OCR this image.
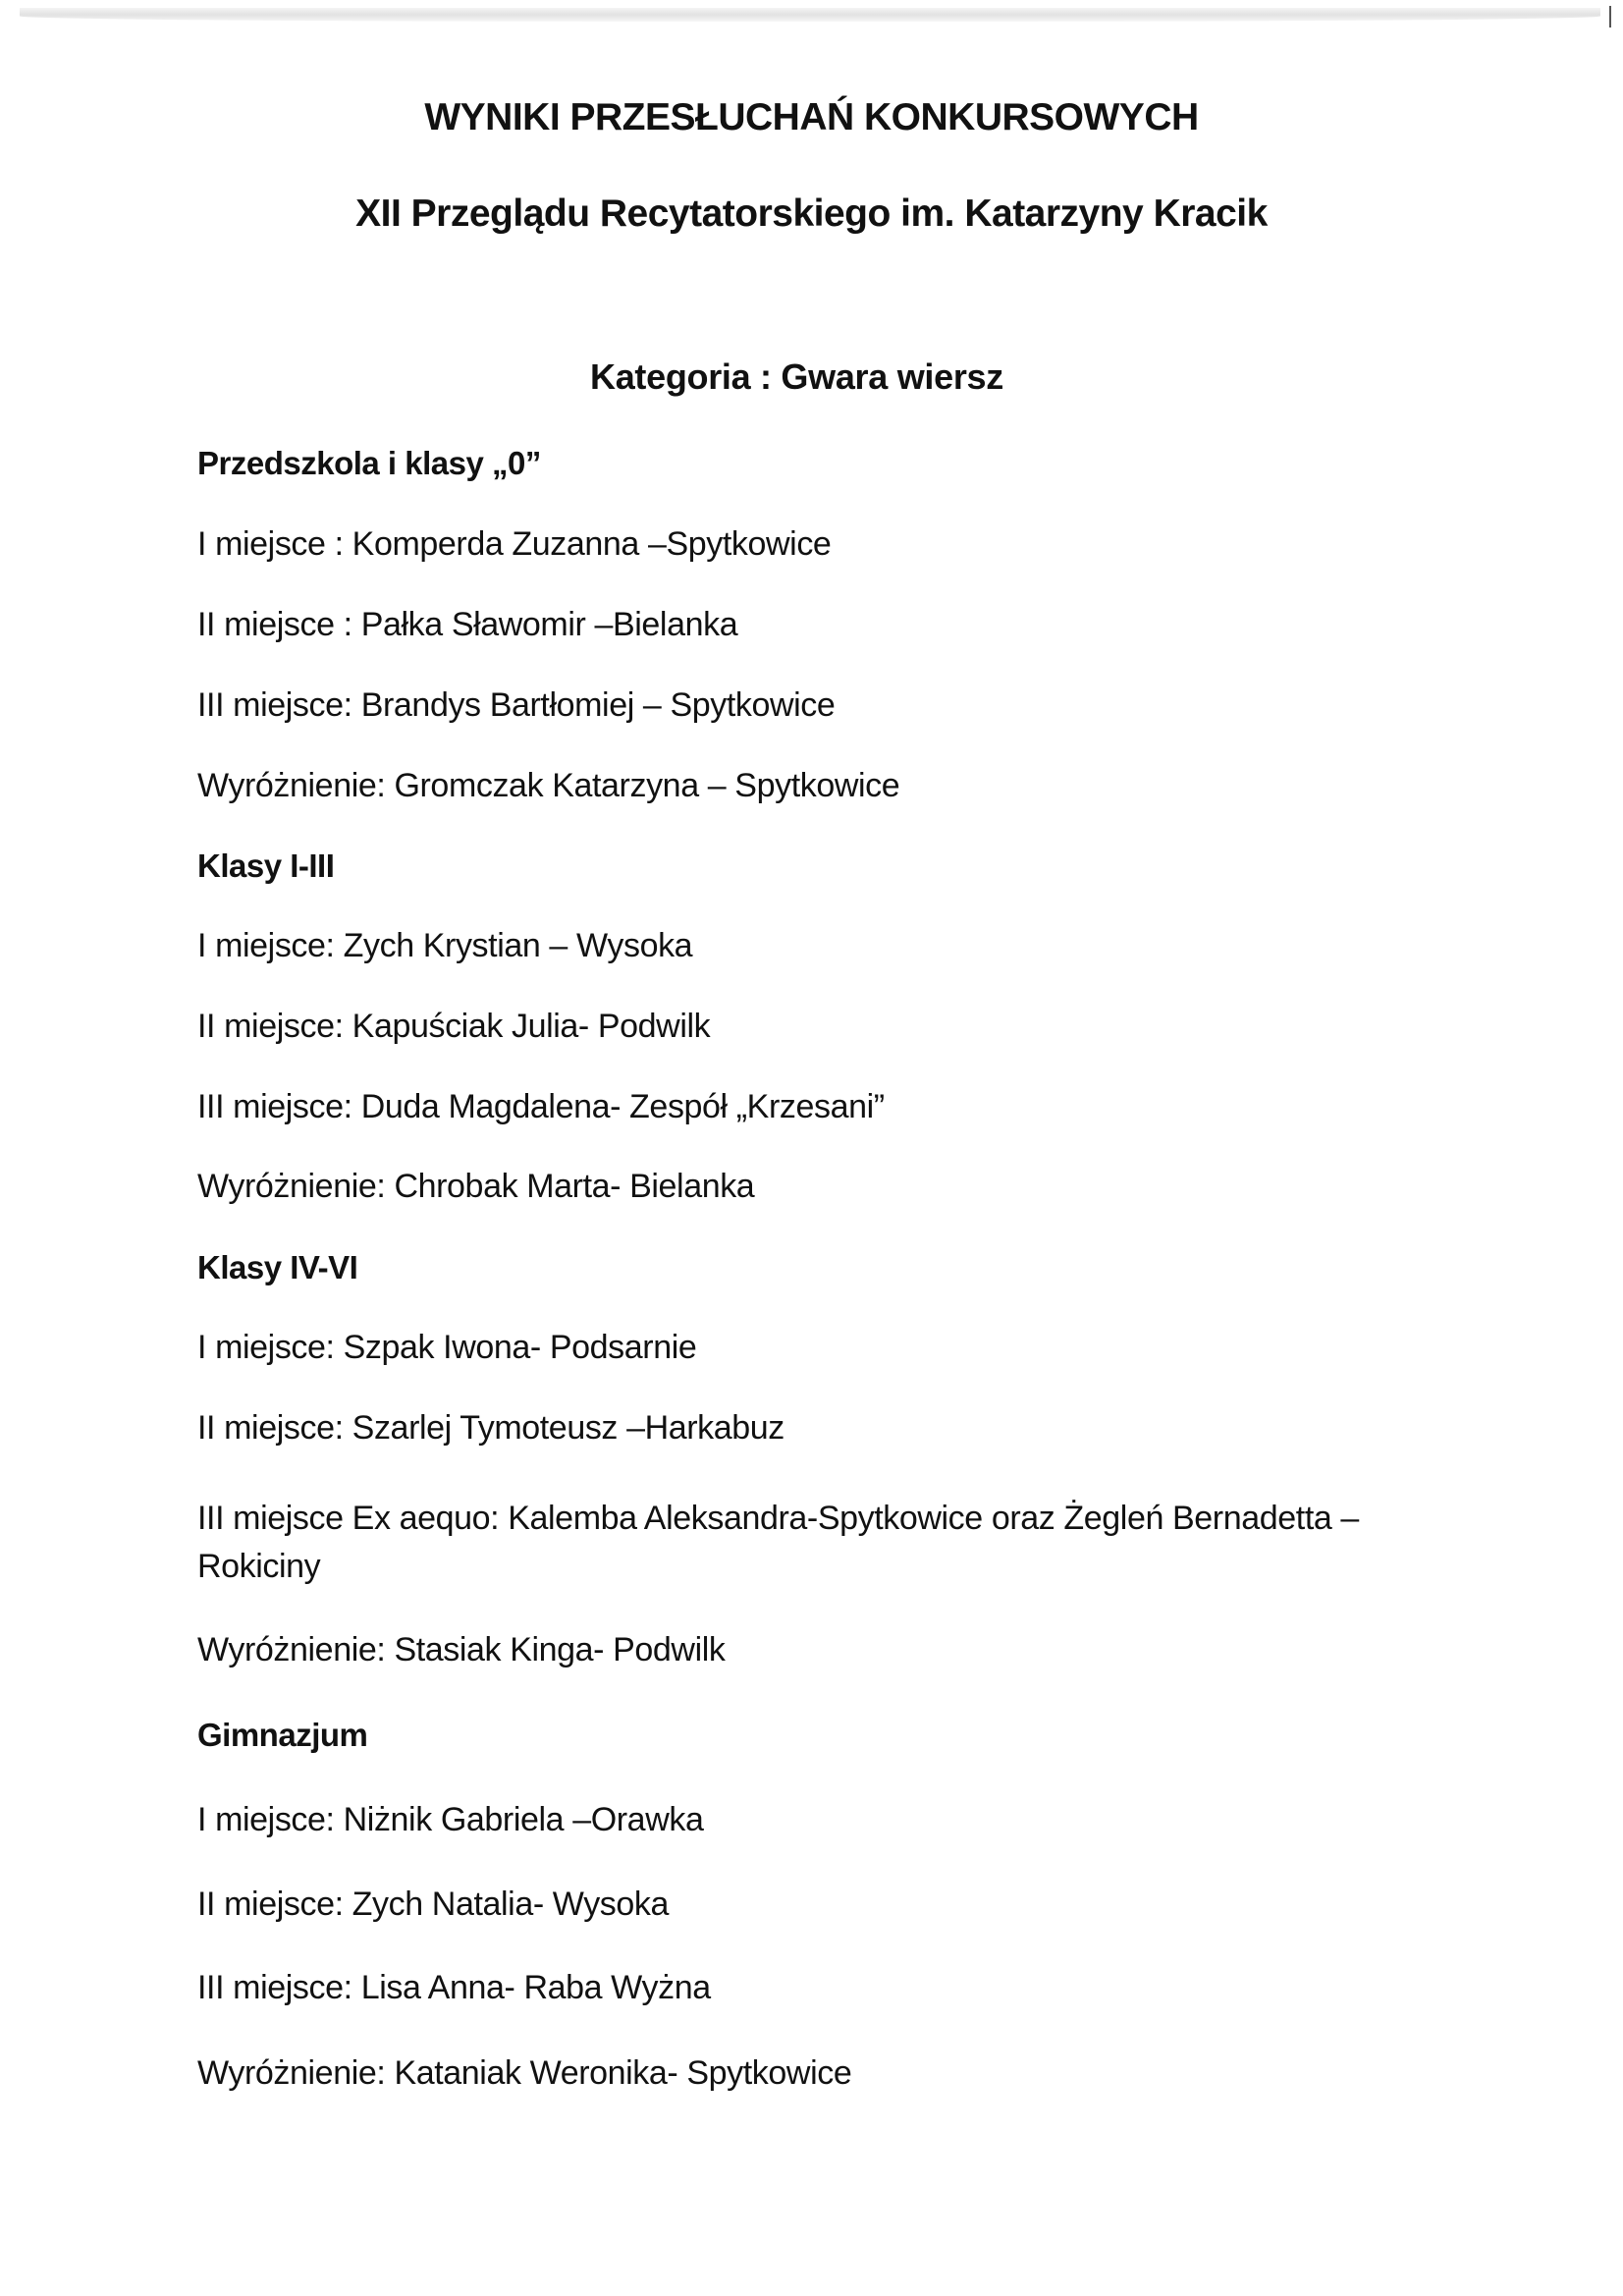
WYNIKI PRZESŁUCHAŃ KONKURSOWYCH
XII Przeglądu Recytatorskiego im. Katarzyny Kracik
Kategoria : Gwara wiersz
Przedszkola i klasy „0”
I miejsce : Komperda Zuzanna –Spytkowice
II miejsce : Pałka Sławomir –Bielanka
III miejsce: Brandys Bartłomiej – Spytkowice
Wyróżnienie: Gromczak Katarzyna – Spytkowice
Klasy I-III
I miejsce: Zych Krystian – Wysoka
II miejsce: Kapuściak Julia- Podwilk
III miejsce: Duda Magdalena- Zespół „Krzesani”
Wyróżnienie: Chrobak Marta- Bielanka
Klasy IV-VI
I miejsce: Szpak Iwona- Podsarnie
II miejsce: Szarlej Tymoteusz –Harkabuz
III miejsce Ex aequo: Kalemba Aleksandra-Spytkowice oraz Żegleń Bernadetta –
Rokiciny
Wyróżnienie: Stasiak Kinga- Podwilk
Gimnazjum
I miejsce: Niżnik Gabriela –Orawka
II miejsce: Zych Natalia- Wysoka
III miejsce: Lisa Anna- Raba Wyżna
Wyróżnienie: Kataniak Weronika- Spytkowice
